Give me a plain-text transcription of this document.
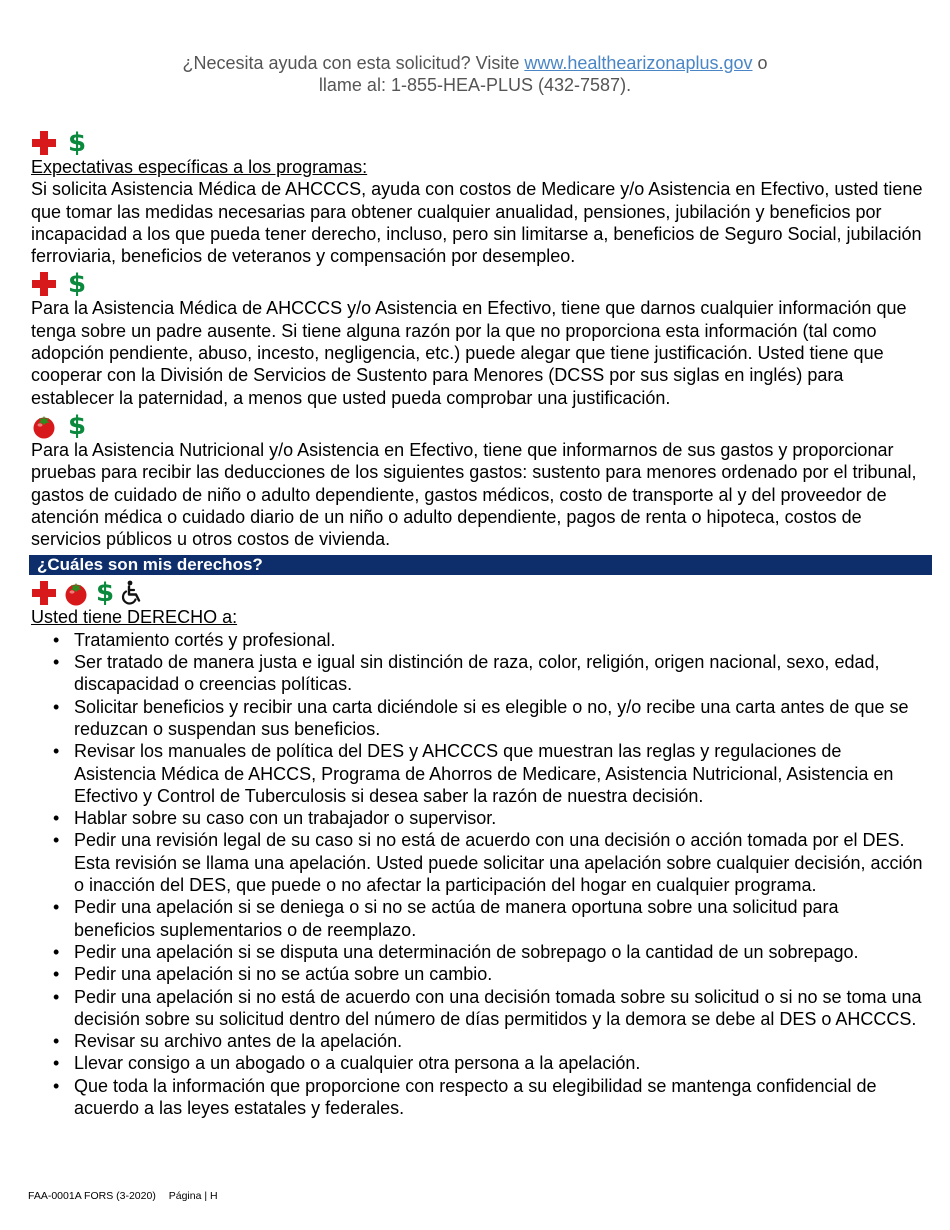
¿Necesita ayuda con esta solicitud? Visite www.healthearizonaplus.gov o
llame al: 1-855-HEA-PLUS (432-7587).
$
Expectativas específicas a los programas:

Si solicita Asistencia Médica de AHCCCS, ayuda con costos de Medicare y/o Asistencia en Efectivo, usted tiene que tomar las medidas necesarias para obtener cualquier anualidad, pensiones, jubilación y beneficios por incapacidad a los que pueda tener derecho, incluso, pero sin limitarse a, beneficios de Seguro Social, jubilación ferroviaria, beneficios de veteranos y compensación por desempleo.

$

Para la Asistencia Médica de AHCCCS y/o Asistencia en Efectivo, tiene que darnos cualquier información que tenga sobre un padre ausente. Si tiene alguna razón por la que no proporciona esta información (tal como adopción pendiente, abuso, incesto, negligencia, etc.) puede alegar que tiene justificación. Usted tiene que cooperar con la División de Servicios de Sustento para Menores (DCSS por sus siglas en inglés) para establecer la paternidad, a menos que usted pueda comprobar una justificación.

$

Para la Asistencia Nutricional y/o Asistencia en Efectivo, tiene que informarnos de sus gastos y proporcionar pruebas para recibir las deducciones de los siguientes gastos: sustento para menores ordenado por el tribunal, gastos de cuidado de niño o adulto dependiente, gastos médicos, costo de transporte al y del proveedor de atención médica o cuidado diario de un niño o adulto dependiente, pagos de renta o hipoteca, costos de servicios públicos u otros costos de vivienda.

¿Cuáles son mis derechos?
$
Usted tiene DERECHO a:
• Tratamiento cortés y profesional.
• Ser tratado de manera justa e igual sin distinción de raza, color, religión, origen nacional, sexo, edad, discapacidad o creencias políticas.
• Solicitar beneficios y recibir una carta diciéndole si es elegible o no, y/o recibe una carta antes de que se reduzcan o suspendan sus beneficios.
• Revisar los manuales de política del DES y AHCCCS que muestran las reglas y regulaciones de Asistencia Médica de AHCCS, Programa de Ahorros de Medicare, Asistencia Nutricional, Asistencia en Efectivo y Control de Tuberculosis si desea saber la razón de nuestra decisión.
• Hablar sobre su caso con un trabajador o supervisor.
• Pedir una revisión legal de su caso si no está de acuerdo con una decisión o acción tomada por el DES. Esta revisión se llama una apelación. Usted puede solicitar una apelación sobre cualquier decisión, acción o inacción del DES, que puede o no afectar la participación del hogar en cualquier programa.
• Pedir una apelación si se deniega o si no se actúa de manera oportuna sobre una solicitud para beneficios suplementarios o de reemplazo.
• Pedir una apelación si se disputa una determinación de sobrepago o la cantidad de un sobrepago.
• Pedir una apelación si no se actúa sobre un cambio.
• Pedir una apelación si no está de acuerdo con una decisión tomada sobre su solicitud o si no se toma una decisión sobre su solicitud dentro del número de días permitidos y la demora se debe al DES o AHCCCS.
• Revisar su archivo antes de la apelación.
• Llevar consigo a un abogado o a cualquier otra persona a la apelación.
• Que toda la información que proporcione con respecto a su elegibilidad se mantenga confidencial de acuerdo a las leyes estatales y federales.
FAA-0001A FORS (3-2020) Página | H
